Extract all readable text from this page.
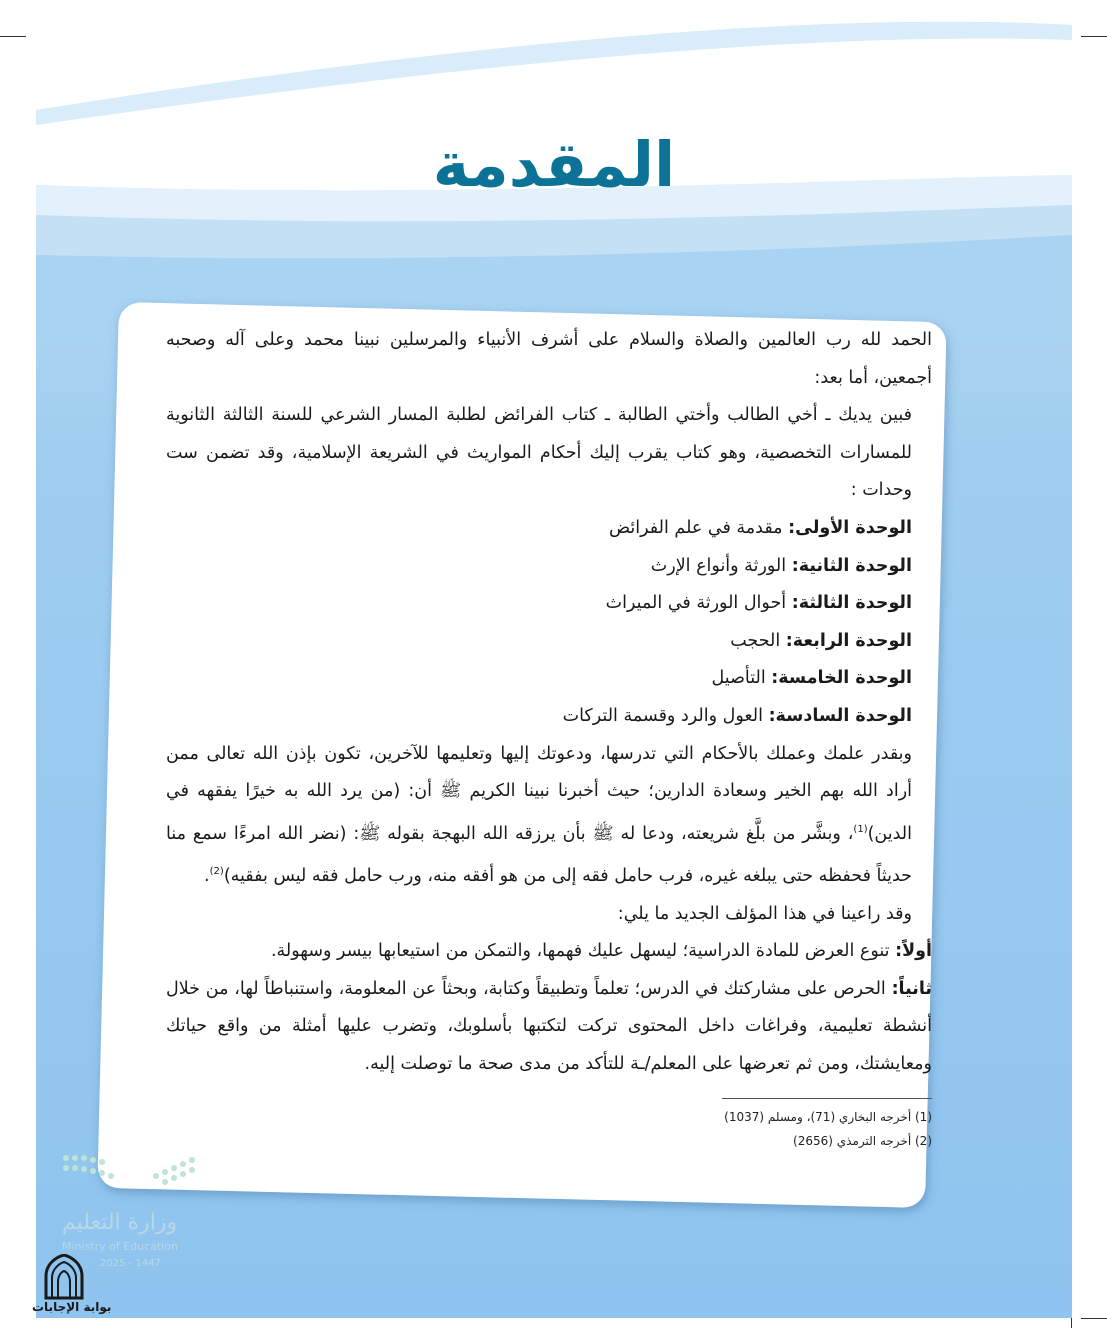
المقدمة

الحمد لله رب العالمين والصلاة والسلام على أشرف الأنبياء والمرسلين نبينا محمد وعلى آله وصحبه أجمعين، أما بعد:

فبين يديك ـ أخي الطالب وأختي الطالبة ـ كتاب الفرائض لطلبة المسار الشرعي للسنة الثالثة الثانوية للمسارات التخصصية، وهو كتاب يقرب إليك أحكام المواريث في الشريعة الإسلامية، وقد تضمن ست وحدات :

الوحدة الأولى: مقدمة في علم الفرائض
الوحدة الثانية: الورثة وأنواع الإرث
الوحدة الثالثة: أحوال الورثة في الميراث
الوحدة الرابعة: الحجب
الوحدة الخامسة: التأصيل
الوحدة السادسة: العول والرد وقسمة التركات

وبقدر علمك وعملك بالأحكام التي تدرسها، ودعوتك إليها وتعليمها للآخرين، تكون بإذن الله تعالى ممن أراد الله بهم الخير وسعادة الدارين؛ حيث أخبرنا نبينا الكريم ﷺ أن: (من يرد الله به خيرًا يفقهه في الدين)$^{(1)}$، وبشَّر من بلَّغ شريعته، ودعا له ﷺ بأن يرزقه الله البهجة بقوله ﷺ: (نضر الله امرءًا سمع منا حديثاً فحفظه حتى يبلغه غيره، فرب حامل فقه إلى من هو أفقه منه، ورب حامل فقه ليس بفقيه)$^{(2)}$.

وقد راعينا في هذا المؤلف الجديد ما يلي:

أولاً: تنوع العرض للمادة الدراسية؛ ليسهل عليك فهمها، والتمكن من استيعابها بيسر وسهولة.

ثانياً: الحرص على مشاركتك في الدرس؛ تعلماً وتطبيقاً وكتابة، وبحثاً عن المعلومة، واستنباطاً لها، من خلال أنشطة تعليمية، وفراغات داخل المحتوى تركت لتكتبها بأسلوبك، وتضرب عليها أمثلة من واقع حياتك ومعايشتك، ومن ثم تعرضها على المعلم/ـة للتأكد من مدى صحة ما توصلت إليه.

(1) أخرجه البخاري (71)، ومسلم (1037)
(2) أخرجه الترمذي (2656)
وزارة التعليم
Ministry of Education
2025 - 1447
بوابة الإجابات
